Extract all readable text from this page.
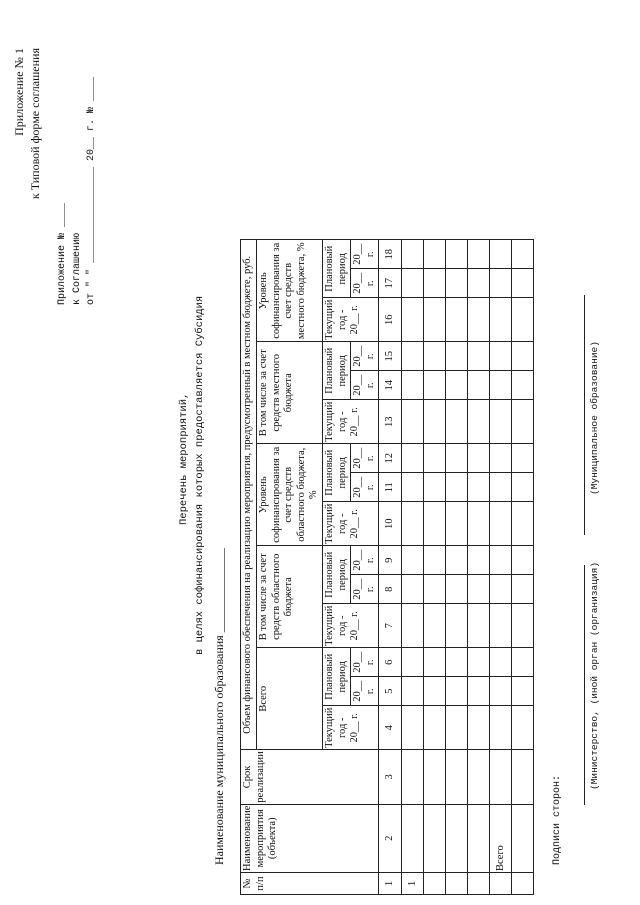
Приложение № 1 к Типовой форме соглашения
Приложение № ____ к Соглашению от " " ________________ 20__ г. № ____
Перечень мероприятий, в целях софинансирования которых предоставляется Субсидия
Наименование муниципального образования ______________
№ п/п	Наименование мероприятия (объекта)	Срок реализации	Объем финансового обеспечения на реализацию мероприятия, предусмотренный в местном бюджете, руб.														
			Всего			В том числе за счет средств областного бюджета			Уровень софинансирования за счет средств областного бюджета, %			В том числе за счет средств местного бюджета			Уровень софинансирования за счет средств местного бюджета, %		
			Текущий год - 20__ г.	Плановый период		Текущий год - 20__ г.	Плановый период		Текущий год - 20__ г.	Плановый период		Текущий год - 20__ г.	Плановый период		Текущий год - 20__ г.	Плановый период	
				20__ г.	20__ г.		20__ г.	20__ г.		20__ г.	20__ г.		20__ г.	20__ г.		20__ г.	20__ г.
1	2	3	4	5	6	7	8	9	10	11	12	13	14	15	16	17	18
1																	

	Всего																
																		Подписи сторон:
(Министерство, (иной орган (организация)
(Муниципальное образование)
